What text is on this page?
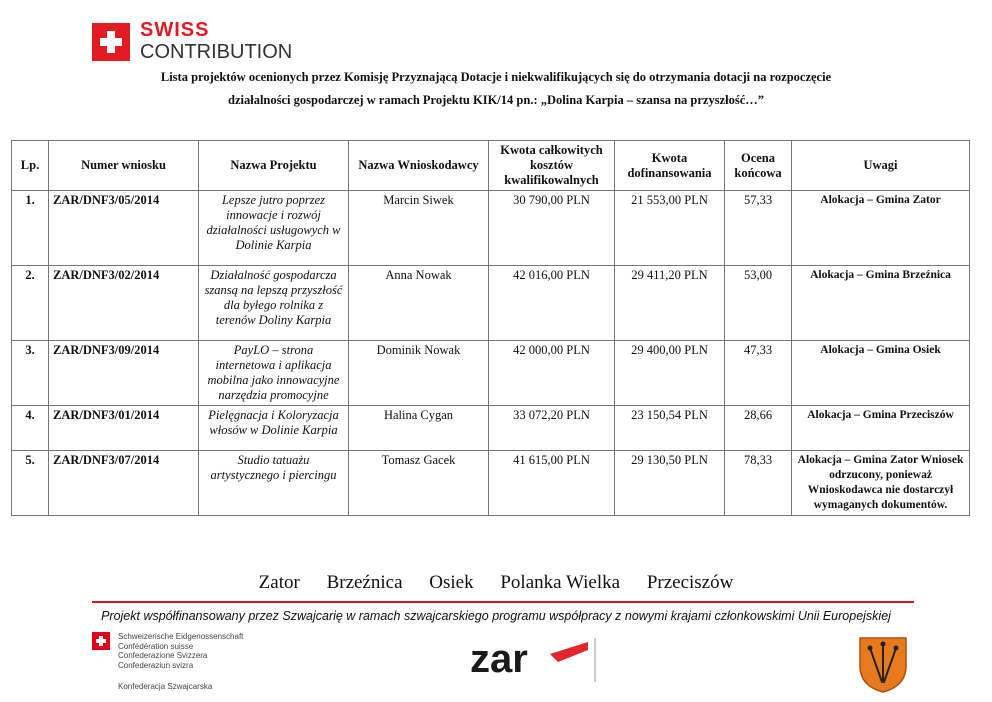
SWISS
CONTRIBUTION
Lista projektów ocenionych przez Komisję Przyznającą Dotacje i niekwalifikujących się do otrzymania dotacji na rozpoczęcie
działalności gospodarczej w ramach Projektu KIK/14 pn.: „Dolina Karpia – szansa na przyszłość…”
Lp.	Numer wniosku	Nazwa Projektu	Nazwa Wnioskodawcy	Kwota całkowitych kosztów kwalifikowalnych	Kwota dofinansowania	Ocena końcowa	Uwagi
1.	ZAR/DNF3/05/2014	Lepsze jutro poprzez innowacje i rozwój działalności usługowych w Dolinie Karpia	Marcin Siwek	30 790,00 PLN	21 553,00 PLN	57,33	Alokacja – Gmina Zator
2.	ZAR/DNF3/02/2014	Działalność gospodarcza szansą na lepszą przyszłość dla byłego rolnika z terenów Doliny Karpia	Anna Nowak	42 016,00 PLN	29 411,20 PLN	53,00	Alokacja – Gmina Brzeźnica
3.	ZAR/DNF3/09/2014	PayLO – strona internetowa i aplikacja mobilna jako innowacyjne narzędzia promocyjne	Dominik Nowak	42 000,00 PLN	29 400,00 PLN	47,33	Alokacja – Gmina Osiek
4.	ZAR/DNF3/01/2014	Pielęgnacja i Koloryzacja włosów w Dolinie Karpia	Halina Cygan	33 072,20 PLN	23 150,54 PLN	28,66	Alokacja – Gmina Przeciszów
5.	ZAR/DNF3/07/2014	Studio tatuażu artystycznego i piercingu	Tomasz Gacek	41 615,00 PLN	29 130,50 PLN	78,33	Alokacja – Gmina Zator Wniosek odrzucony, ponieważ Wnioskodawca nie dostarczył wymaganych dokumentów.
Zator Brzeźnica Osiek Polanka Wielka Przeciszów
Projekt współfinansowany przez Szwajcarię w ramach szwajcarskiego programu współpracy z nowymi krajami członkowskimi Unii Europejskiej
Schweizerische Eidgenossenschaft
Confédération suisse
Confederazione Svizzera
Confederaziun svizra
Konfederacja Szwajcarska
zar
